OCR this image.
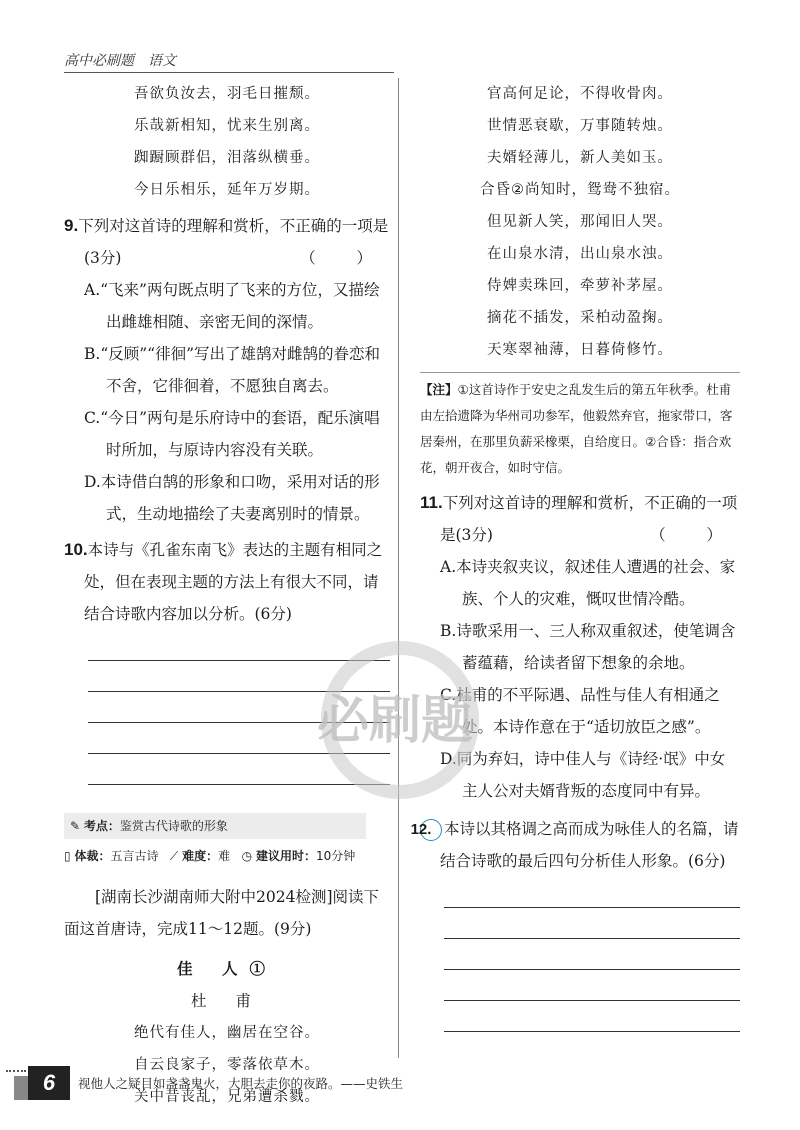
高中必刷题　语文
吾欲负汝去，羽毛日摧颓。
乐哉新相知，忧来生别离。
踟蹰顾群侣，泪落纵横垂。
今日乐相乐，延年万岁期。
9.下列对这首诗的理解和赏析，不正确的一项是(3分)	（ ）
A.“飞来”两句既点明了飞来的方位，又描绘出雌雄相随、亲密无间的深情。
B.“反顾”“徘徊”写出了雄鹄对雌鹄的眷恋和不舍，它徘徊着，不愿独自离去。
C.“今日”两句是乐府诗中的套语，配乐演唱时所加，与原诗内容没有关联。
D.本诗借白鹄的形象和口吻，采用对话的形式，生动地描绘了夫妻离别时的情景。
10.本诗与《孔雀东南飞》表达的主题有相同之处，但在表现主题的方法上有很大不同，请结合诗歌内容加以分析。(6分)
✎ 考点：鉴赏古代诗歌的形象
▯ 体裁：五言古诗 ⟋ 难度：难 ◷ 建议用时：10分钟
[湖南长沙湖南师大附中2024检测]阅读下面这首唐诗，完成11～12题。(9分)
佳 人①
杜 甫
绝代有佳人，幽居在空谷。
自云良家子，零落依草木。
关中昔丧乱，兄弟遭杀戮。
官高何足论，不得收骨肉。
世情恶衰歇，万事随转烛。
夫婿轻薄儿，新人美如玉。
合昏②尚知时，鸳鸯不独宿。
但见新人笑，那闻旧人哭。
在山泉水清，出山泉水浊。
侍婢卖珠回，牵萝补茅屋。
摘花不插发，采柏动盈掬。
天寒翠袖薄，日暮倚修竹。
【注】①这首诗作于安史之乱发生后的第五年秋季。杜甫由左拾遗降为华州司功参军，他毅然弃官，拖家带口，客居秦州，在那里负薪采橡栗，自给度日。②合昏：指合欢花，朝开夜合，如时守信。
11.下列对这首诗的理解和赏析，不正确的一项是(3分)	（ ）
A.本诗夹叙夹议，叙述佳人遭遇的社会、家族、个人的灾难，慨叹世情冷酷。
B.诗歌采用一、三人称双重叙述，使笔调含蓄蕴藉，给读者留下想象的余地。
C.杜甫的不平际遇、品性与佳人有相通之处。本诗作意在于“适切放臣之感”。
D.同为弃妇，诗中佳人与《诗经·氓》中女主人公对夫婿背叛的态度同中有异。
12. 本诗以其格调之高而成为咏佳人的名篇，请结合诗歌的最后四句分析佳人形象。(6分)
必刷题
6	视他人之疑目如盏盏鬼火，大胆去走你的夜路。——史铁生
